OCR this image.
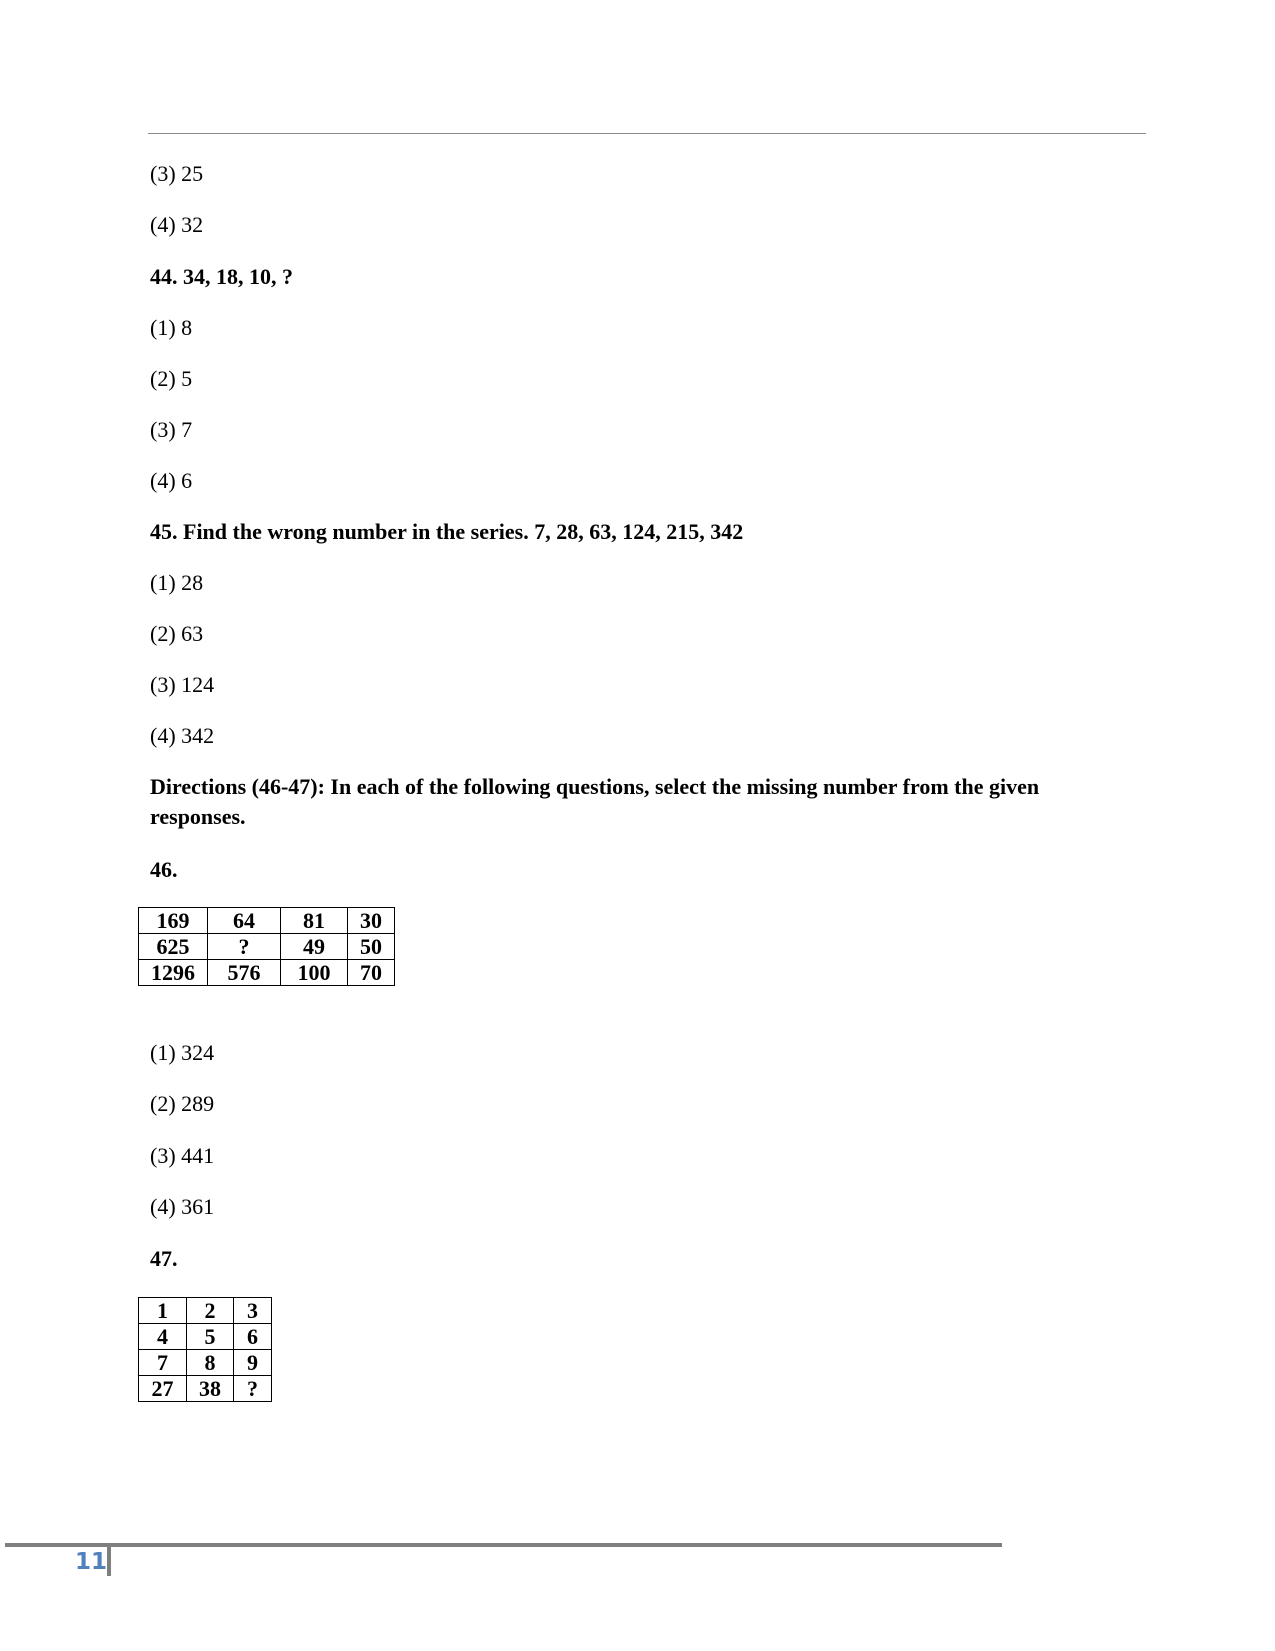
(3) 25
(4) 32
44. 34, 18, 10, ?
(1) 8
(2) 5
(3) 7
(4) 6
45. Find the wrong number in the series. 7, 28, 63, 124, 215, 342
(1) 28
(2) 63
(3) 124
(4) 342
Directions (46-47): In each of the following questions, select the missing number from the given responses.
46.
169	64	81	30
625	?	49	50
1296	576	100	70
(1) 324
(2) 289
(3) 441
(4) 361
47.
1	2	3
4	5	6
7	8	9
27	38	?
11
